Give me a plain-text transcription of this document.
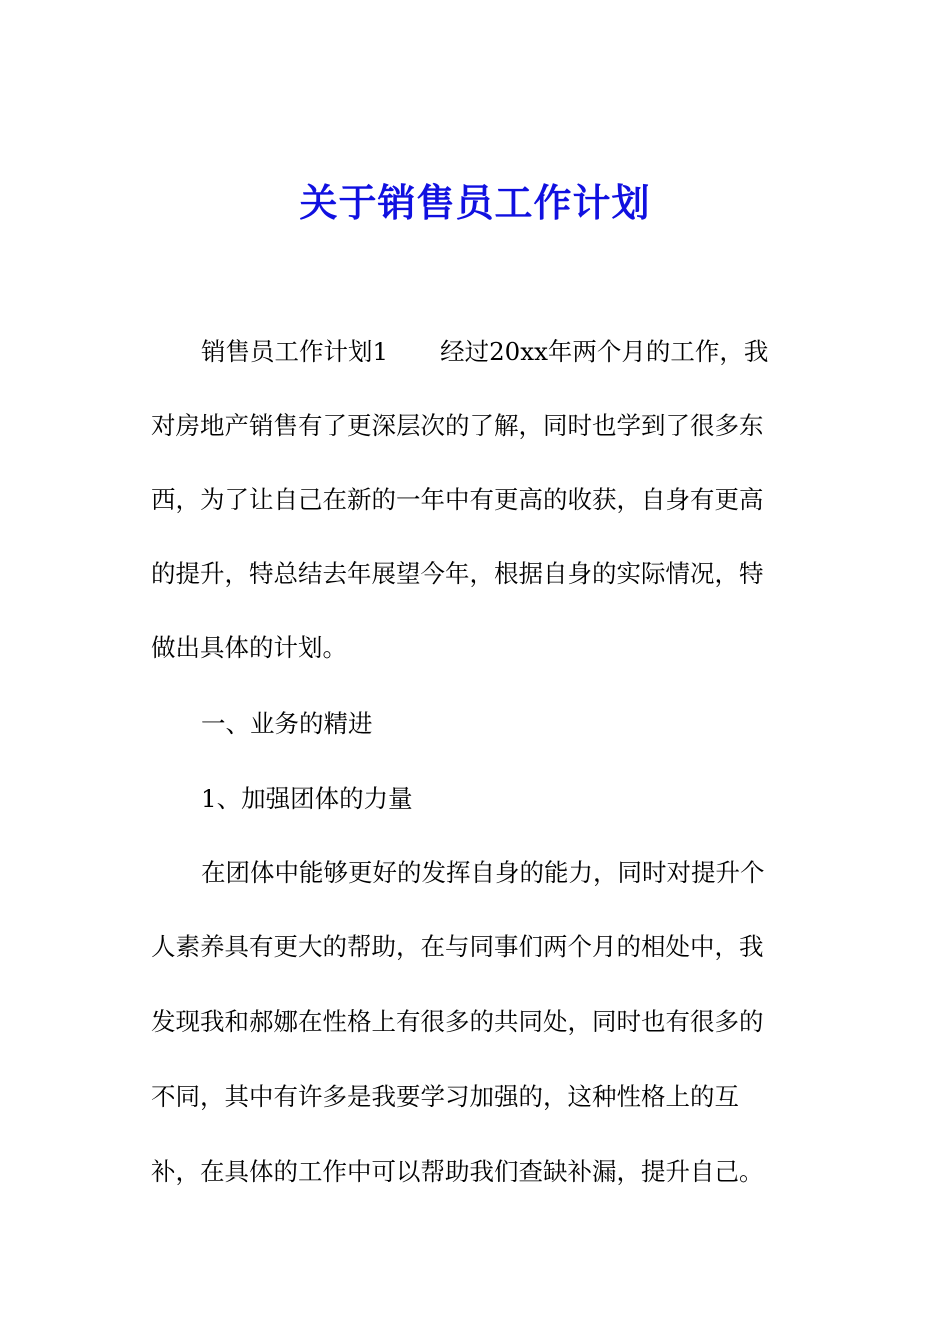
关于销售员工作计划

销售员工作计划1 经过20xx年两个月的工作，我

对房地产销售有了更深层次的了解，同时也学到了很多东

西，为了让自己在新的一年中有更高的收获，自身有更高

的提升，特总结去年展望今年，根据自身的实际情况，特

做出具体的计划。

一、业务的精进

1、加强团体的力量

在团体中能够更好的发挥自身的能力，同时对提升个

人素养具有更大的帮助，在与同事们两个月的相处中，我

发现我和郝娜在性格上有很多的共同处，同时也有很多的

不同，其中有许多是我要学习加强的，这种性格上的互

补，在具体的工作中可以帮助我们查缺补漏，提升自己。
